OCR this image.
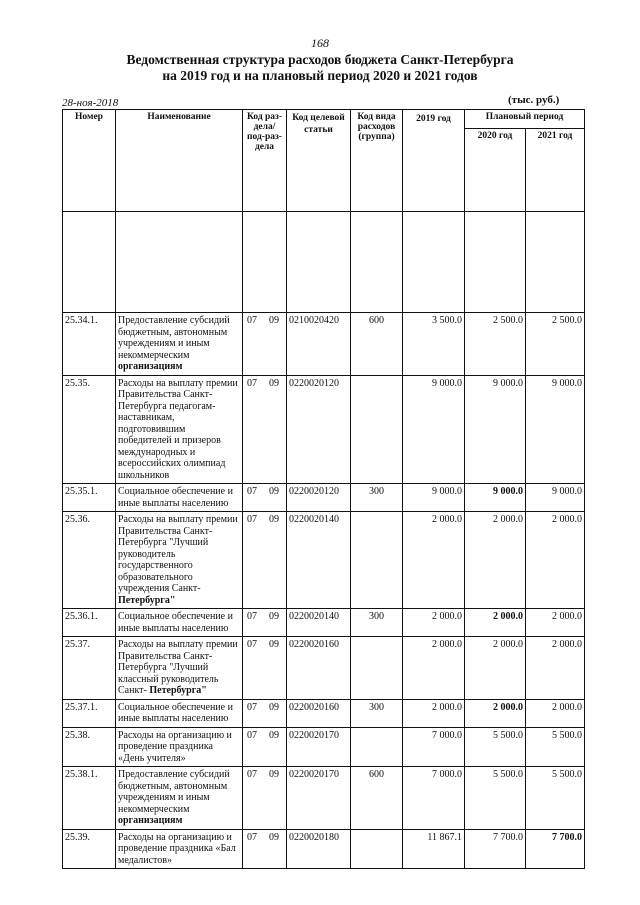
168
Ведомственная структура расходов бюджета Санкт-Петербурга
на 2019 год и на плановый период 2020 и 2021 годов
28-ноя-2018	(тыс. руб.)
Номер	Наименование	Код раз-дела/ под-раз-дела	Код целевой статьи	Код вида расходов (группа)	2019 год	Плановый период	
						2020 год	2021 год

25.34.1.	Предоставление субсидий бюджетным, автономным учреждениям и иным некоммерческим организациям	07 09	0210020420	600	3 500.0	2 500.0	2 500.0
25.35.	Расходы на выплату премии Правительства Санкт-Петербурга педагогам-наставникам, подготовившим победителей и призеров международных и всероссийских олимпиад школьников	07 09	0220020120		9 000.0	9 000.0	9 000.0
25.35.1.	Социальное обеспечение и иные выплаты населению	07 09	0220020120	300	9 000.0	9 000.0	9 000.0
25.36.	Расходы на выплату премии Правительства Санкт-Петербурга "Лучший руководитель государственного образовательного учреждения Санкт- Петербурга"	07 09	0220020140		2 000.0	2 000.0	2 000.0
25.36.1.	Социальное обеспечение и иные выплаты населению	07 09	0220020140	300	2 000.0	2 000.0	2 000.0
25.37.	Расходы на выплату премии Правительства Санкт-Петербурга "Лучший классный руководитель Санкт- Петербурга"	07 09	0220020160		2 000.0	2 000.0	2 000.0
25.37.1.	Социальное обеспечение и иные выплаты населению	07 09	0220020160	300	2 000.0	2 000.0	2 000.0
25.38.	Расходы на организацию и проведение праздника «День учителя»	07 09	0220020170		7 000.0	5 500.0	5 500.0
25.38.1.	Предоставление субсидий бюджетным, автономным учреждениям и иным некоммерческим организациям	07 09	0220020170	600	7 000.0	5 500.0	5 500.0
25.39.	Расходы на организацию и проведение праздника «Бал медалистов»	07 09	0220020180		11 867.1	7 700.0	7 700.0
